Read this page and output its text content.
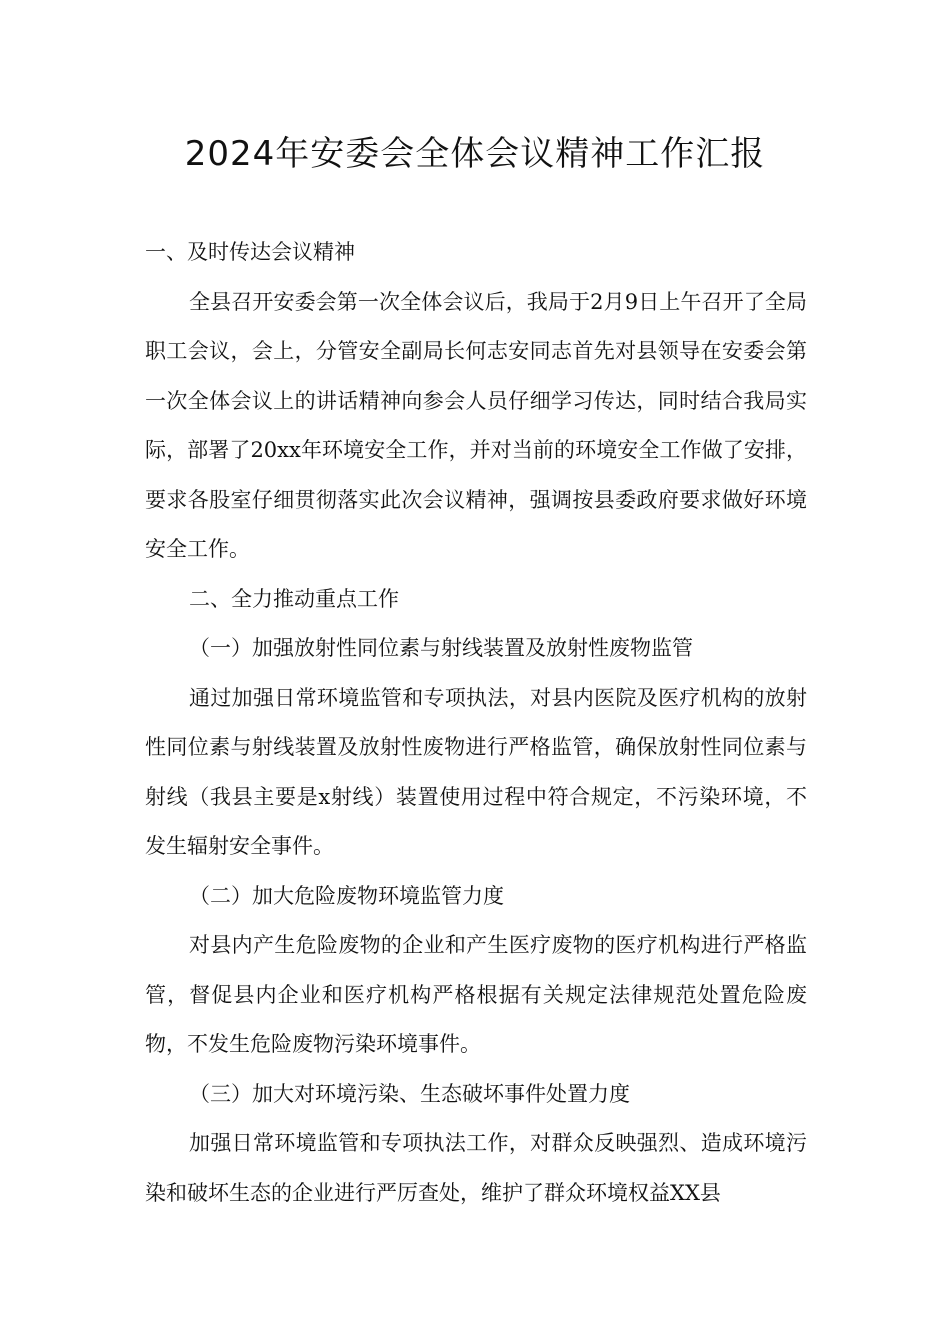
2024年安委会全体会议精神工作汇报

一、及时传达会议精神

全县召开安委会第一次全体会议后，我局于2月9日上午召开了全局职工会议，会上，分管安全副局长何志安同志首先对县领导在安委会第一次全体会议上的讲话精神向参会人员仔细学习传达，同时结合我局实际，部署了20xx年环境安全工作，并对当前的环境安全工作做了安排，要求各股室仔细贯彻落实此次会议精神，强调按县委政府要求做好环境安全工作。

二、全力推动重点工作

（一）加强放射性同位素与射线装置及放射性废物监管

通过加强日常环境监管和专项执法，对县内医院及医疗机构的放射性同位素与射线装置及放射性废物进行严格监管，确保放射性同位素与射线（我县主要是x射线）装置使用过程中符合规定，不污染环境，不发生辐射安全事件。

（二）加大危险废物环境监管力度

对县内产生危险废物的企业和产生医疗废物的医疗机构进行严格监管，督促县内企业和医疗机构严格根据有关规定法律规范处置危险废物，不发生危险废物污染环境事件。

（三）加大对环境污染、生态破坏事件处置力度

加强日常环境监管和专项执法工作，对群众反映强烈、造成环境污染和破坏生态的企业进行严厉查处，维护了群众环境权益XX县
